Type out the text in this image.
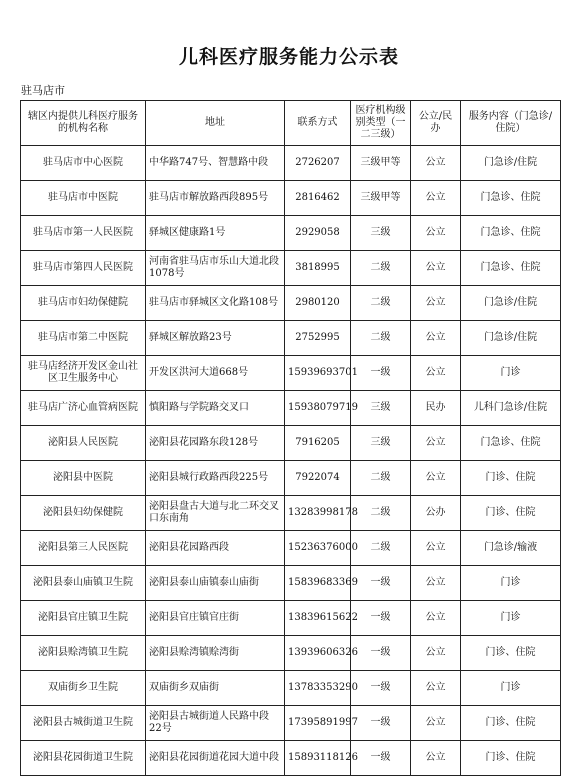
儿科医疗服务能力公示表
驻马店市
辖区内提供儿科医疗服务的机构名称	地址	联系方式	医疗机构级别类型（一二三级）	公立/民办	服务内容（门急诊/住院）
驻马店市中心医院	中华路747号、智慧路中段	2726207	三级甲等	公立	门急诊/住院
驻马店市中医院	驻马店市解放路西段895号	2816462	三级甲等	公立	门急诊、住院
驻马店市第一人民医院	驿城区健康路1号	2929058	三级	公立	门急诊、住院
驻马店市第四人民医院	河南省驻马店市乐山大道北段1078号	3818995	二级	公立	门急诊、住院
驻马店市妇幼保健院	驻马店市驿城区文化路108号	2980120	二级	公立	门急诊/住院
驻马店市第二中医院	驿城区解放路23号	2752995	二级	公立	门急诊/住院
驻马店经济开发区金山社区卫生服务中心	开发区洪河大道668号	15939693701	一级	公立	门诊
驻马店广济心血管病医院	慎阳路与学院路交叉口	15938079719	三级	民办	儿科门急诊/住院
泌阳县人民医院	泌阳县花园路东段128号	7916205	三级	公立	门急诊、住院
泌阳县中医院	泌阳县城行政路西段225号	7922074	二级	公立	门诊、住院
泌阳县妇幼保健院	泌阳县盘古大道与北二环交叉口东南角	13283998178	二级	公办	门诊、住院
泌阳县第三人民医院	泌阳县花园路西段	15236376000	二级	公立	门急诊/输液
泌阳县泰山庙镇卫生院	泌阳县泰山庙镇泰山庙街	15839683369	一级	公立	门诊
泌阳县官庄镇卫生院	泌阳县官庄镇官庄街	13839615622	一级	公立	门诊
泌阳县赊湾镇卫生院	泌阳县赊湾镇赊湾街	13939606326	一级	公立	门诊、住院
双庙街乡卫生院	双庙街乡双庙街	13783353290	一级	公立	门诊
泌阳县古城街道卫生院	泌阳县古城街道人民路中段22号	17395891997	一级	公立	门诊、住院
泌阳县花园街道卫生院	泌阳县花园街道花园大道中段	15893118126	一级	公立	门诊、住院
